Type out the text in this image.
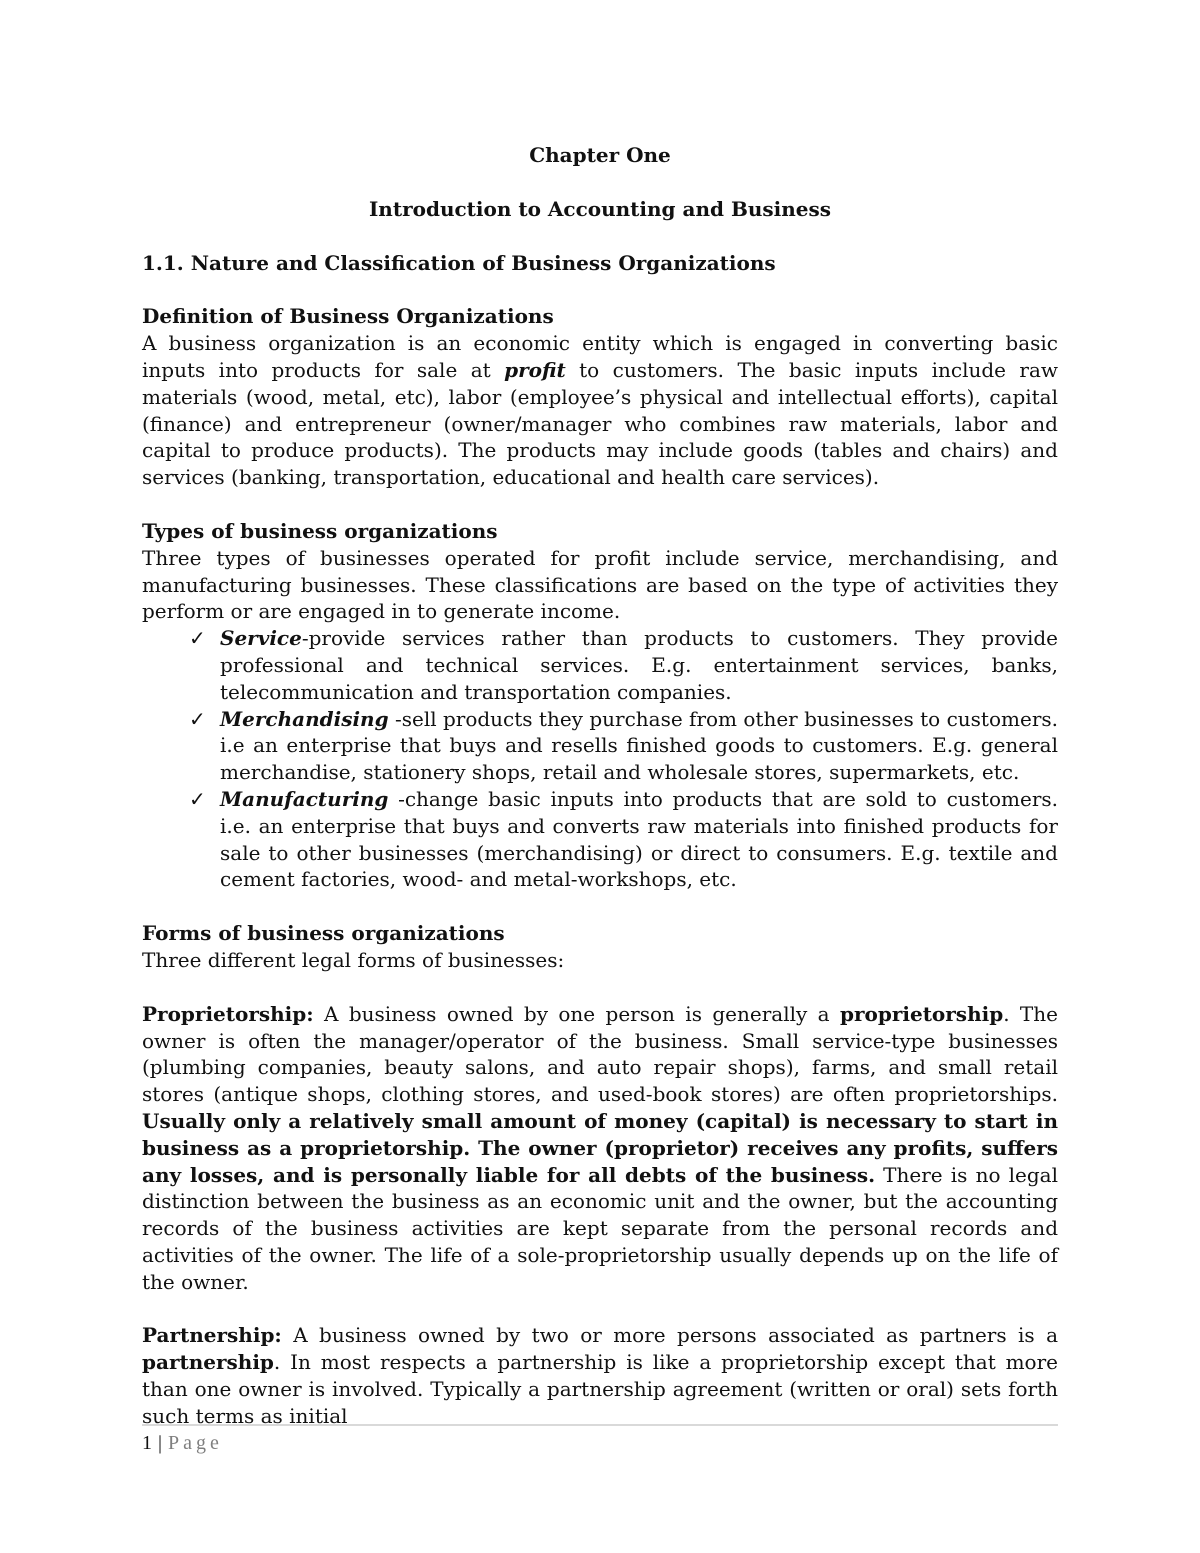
Chapter One

Introduction to Accounting and Business

1.1. Nature and Classification of Business Organizations

Definition of Business Organizations

A business organization is an economic entity which is engaged in converting basic inputs into products for sale at profit to customers. The basic inputs include raw materials (wood, metal, etc), labor (employee’s physical and intellectual efforts), capital (finance) and entrepreneur (owner/manager who combines raw materials, labor and capital to produce products). The products may include goods (tables and chairs) and services (banking, transportation, educational and health care services).

Types of business organizations

Three types of businesses operated for profit include service, merchandising, and manufacturing businesses. These classifications are based on the type of activities they perform or are engaged in to generate income.

✓ Service-provide services rather than products to customers. They provide professional and technical services. E.g. entertainment services, banks, telecommunication and transportation companies.
✓ Merchandising -sell products they purchase from other businesses to customers. i.e an enterprise that buys and resells finished goods to customers. E.g. general merchandise, stationery shops, retail and wholesale stores, supermarkets, etc.
✓ Manufacturing -change basic inputs into products that are sold to customers. i.e. an enterprise that buys and converts raw materials into finished products for sale to other businesses (merchandising) or direct to consumers. E.g. textile and cement factories, wood- and metal-workshops, etc.

Forms of business organizations

Three different legal forms of businesses:

Proprietorship: A business owned by one person is generally a proprietorship. The owner is often the manager/operator of the business. Small service-type businesses (plumbing companies, beauty salons, and auto repair shops), farms, and small retail stores (antique shops, clothing stores, and used-book stores) are often proprietorships. Usually only a relatively small amount of money (capital) is necessary to start in business as a proprietorship. The owner (proprietor) receives any profits, suffers any losses, and is personally liable for all debts of the business. There is no legal distinction between the business as an economic unit and the owner, but the accounting records of the business activities are kept separate from the personal records and activities of the owner. The life of a sole-proprietorship usually depends up on the life of the owner.

Partnership: A business owned by two or more persons associated as partners is a partnership. In most respects a partnership is like a proprietorship except that more than one owner is involved. Typically a partnership agreement (written or oral) sets forth such terms as initial

1 | Page
